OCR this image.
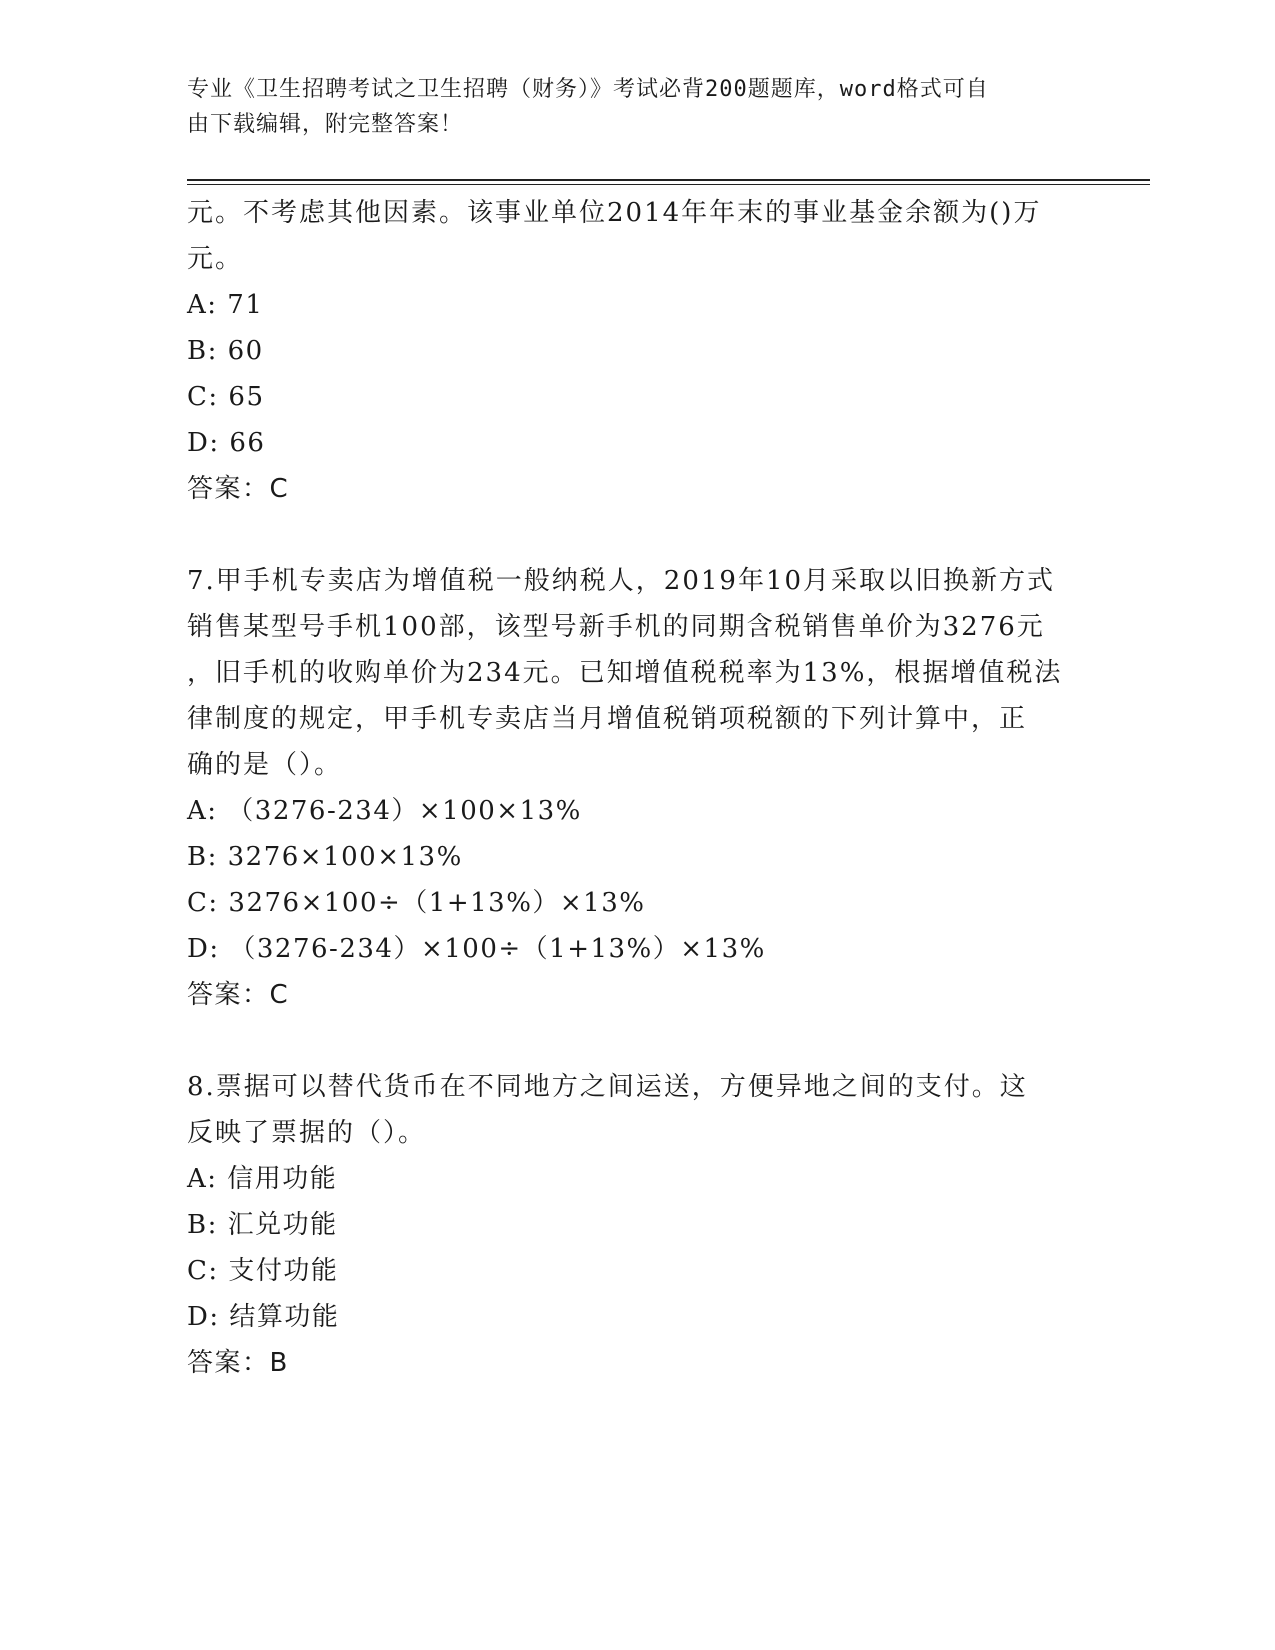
专业《卫生招聘考试之卫生招聘（财务）》考试必背200题题库，word格式可自
由下载编辑，附完整答案！
元。不考虑其他因素。该事业单位2014年年末的事业基金余额为()万
元。
A: 71
B: 60
C: 65
D: 66
答案：C
7.甲手机专卖店为增值税一般纳税人，2019年10月采取以旧换新方式
销售某型号手机100部，该型号新手机的同期含税销售单价为3276元
，旧手机的收购单价为234元。已知增值税税率为13%，根据增值税法
律制度的规定，甲手机专卖店当月增值税销项税额的下列计算中，正
确的是（）。
A: （3276-234）×100×13%
B: 3276×100×13%
C: 3276×100÷（1+13%）×13%
D: （3276-234）×100÷（1+13%）×13%
答案：C
8.票据可以替代货币在不同地方之间运送，方便异地之间的支付。这
反映了票据的（）。
A: 信用功能
B: 汇兑功能
C: 支付功能
D: 结算功能
答案：B
